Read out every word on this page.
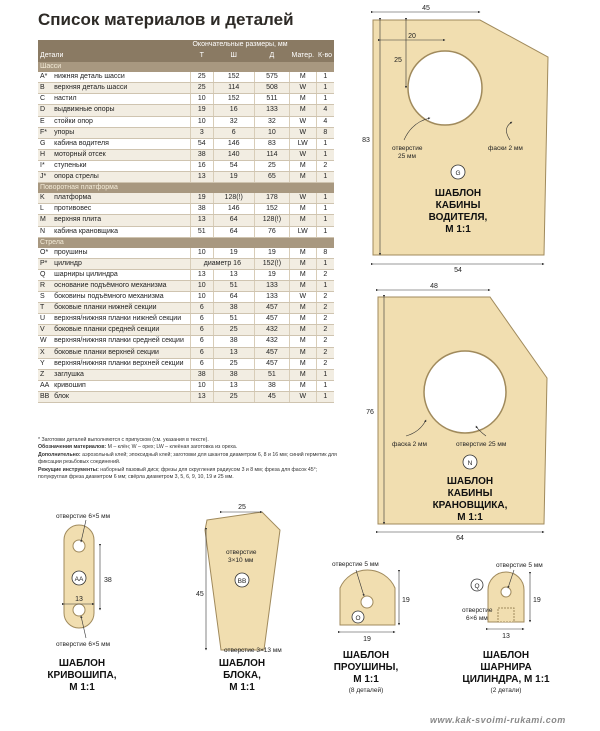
Список материалов и деталей
		Окончательные размеры, мм				
Детали		Т	Ш	Д	Матер.	К-во
Шасси						
A*	нижняя деталь шасси	25	152	575	M	1
B	верхняя деталь шасси	25	114	508	W	1
C	настил	10	152	511	M	1
D	выдвижные опоры	19	16	133	M	4
E	стойки опор	10	32	32	W	4
F*	упоры	3	6	10	W	8
G	кабина водителя	54	146	83	LW	1
H	моторный отсек	38	140	114	W	1
I*	ступеньки	16	54	25	M	2
J*	опора стрелы	13	19	65	M	1
Поворотная платформа						
K	платформа	19	128(!)	178	W	1
L	противовес	38	146	152	M	1
M	верхняя плита	13	64	128(!)	M	1
N	кабина крановщика	51	64	76	LW	1
Стрела						
O*	проушины	10	19	19	M	8
P*	цилиндр	диаметр 16		152(!)	M	1
Q	шарниры цилиндра	13	13	19	M	2
R	основание подъёмного механизма	10	51	133	M	1
S	боковины подъёмного механизма	10	64	133	W	2
T	боковые планки нижней секции	6	38	457	M	2
U	верхняя/нижняя планки нижней секции	6	51	457	M	2
V	боковые планки средней секции	6	25	432	M	2
W	верхняя/нижняя планки средней секции	6	38	432	M	2
X	боковые планки верхней секции	6	13	457	M	2
Y	верхняя/нижняя планки верхней секции	6	25	457	M	2
Z	заглушка	38	38	51	M	1
AA	кривошип	10	13	38	M	1
BB	блок	13	25	45	W	1
* Заготовки деталей выполняются с припуском (см. указания в тексте).
Обозначения материалов: M – клён; W – орех; LW – клеёная заготовка из ореха.
Дополнительно: аэрозольный клей; эпоксидный клей; заготовки для шкантов диаметром 6, 8 и 16 мм; синий герметик для фиксации резьбовых соединений.
Режущие инструменты: наборный пазовый диск; фрезы для скругления радиусом 3 и 8 мм; фреза для фасок 45°; полукруглая фреза диаметром 6 мм; свёрла диаметром 3, 5, 6, 9, 10, 19 и 25 мм.
45
54
83
20
25
отверстие
25 мм
фаски 2 мм
G
ШАБЛОН
КАБИНЫ
ВОДИТЕЛЯ,
М 1:1
48
64
76
фаска 2 мм	отверстие 25 мм
N
ШАБЛОН
КАБИНЫ
КРАНОВЩИКА,
М 1:1
AA
отверстие 6×5 мм
отверстие 6×5 мм
38
13
ШАБЛОН
КРИВОШИПА,
М 1:1
25
45
отверстие
3×10 мм
BB
отверстие 3×13 мм
ШАБЛОН
БЛОКА,
М 1:1
отверстие 5 мм
O
19
19
ШАБЛОН
ПРОУШИНЫ,
М 1:1
(8 деталей)
отверстие 5 мм
Q
19
13
отверстие
6×6 мм
ШАБЛОН
ШАРНИРА
ЦИЛИНДРА, М 1:1
(2 детали)
www.kak-svoimi-rukami.com
